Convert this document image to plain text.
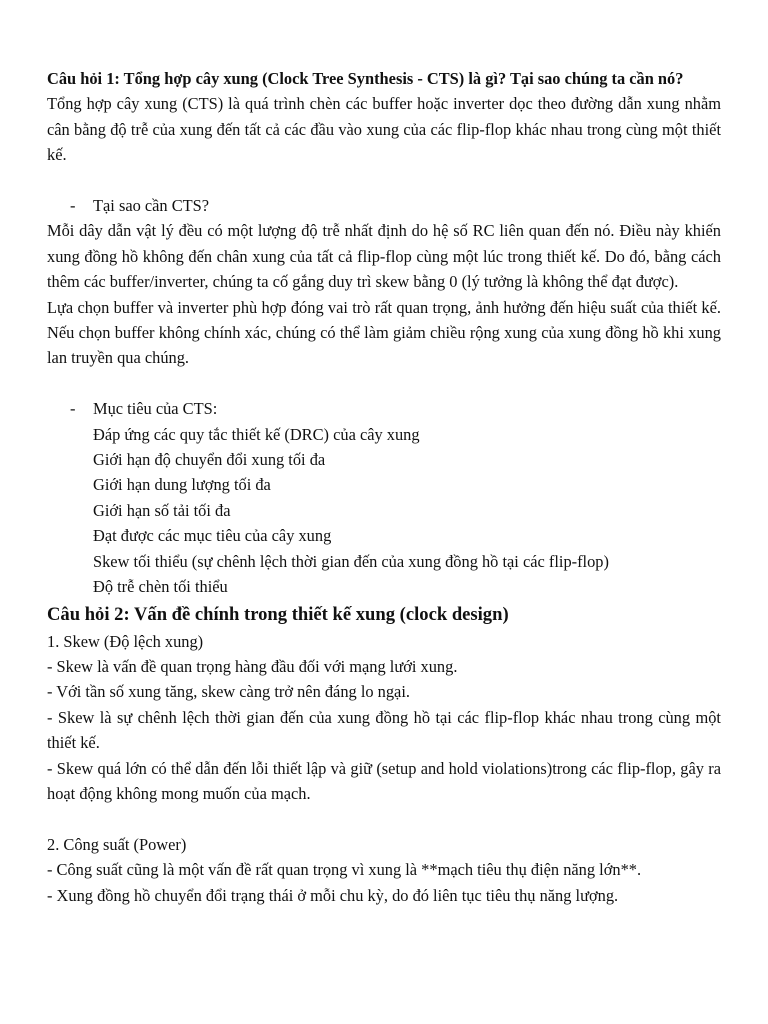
Câu hỏi 1: Tổng hợp cây xung (Clock Tree Synthesis - CTS) là gì? Tại sao chúng ta cần nó?

Tổng hợp cây xung (CTS) là quá trình chèn các buffer hoặc inverter dọc theo đường dẫn xung nhằm cân bằng độ trễ của xung đến tất cả các đầu vào xung của các flip-flop khác nhau trong cùng một thiết kế.

-	Tại sao cần CTS?

Mỗi dây dẫn vật lý đều có một lượng độ trễ nhất định do hệ số RC liên quan đến nó. Điều này khiến xung đồng hồ không đến chân xung của tất cả flip-flop cùng một lúc trong thiết kế. Do đó, bằng cách thêm các buffer/inverter, chúng ta cố gắng duy trì skew bằng 0 (lý tưởng là không thể đạt được).

Lựa chọn buffer và inverter phù hợp đóng vai trò rất quan trọng, ảnh hưởng đến hiệu suất của thiết kế. Nếu chọn buffer không chính xác, chúng có thể làm giảm chiều rộng xung của xung đồng hồ khi xung lan truyền qua chúng.

-	Mục tiêu của CTS:
Đáp ứng các quy tắc thiết kế (DRC) của cây xung
Giới hạn độ chuyển đổi xung tối đa
Giới hạn dung lượng tối đa
Giới hạn số tải tối đa
Đạt được các mục tiêu của cây xung
Skew tối thiểu (sự chênh lệch thời gian đến của xung đồng hồ tại các flip-flop)
Độ trễ chèn tối thiểu

Câu hỏi 2: Vấn đề chính trong thiết kế xung (clock design)

1. Skew (Độ lệch xung)

- Skew là vấn đề quan trọng hàng đầu đối với mạng lưới xung.

- Với tần số xung tăng, skew càng trở nên đáng lo ngại.

- Skew là sự chênh lệch thời gian đến của xung đồng hồ tại các flip-flop khác nhau trong cùng một thiết kế.

- Skew quá lớn có thể dẫn đến lỗi thiết lập và giữ (setup and hold violations)trong các flip-flop, gây ra hoạt động không mong muốn của mạch.

2. Công suất (Power)

- Công suất cũng là một vấn đề rất quan trọng vì xung là **mạch tiêu thụ điện năng lớn**.

- Xung đồng hồ chuyển đổi trạng thái ở mỗi chu kỳ, do đó liên tục tiêu thụ năng lượng.
